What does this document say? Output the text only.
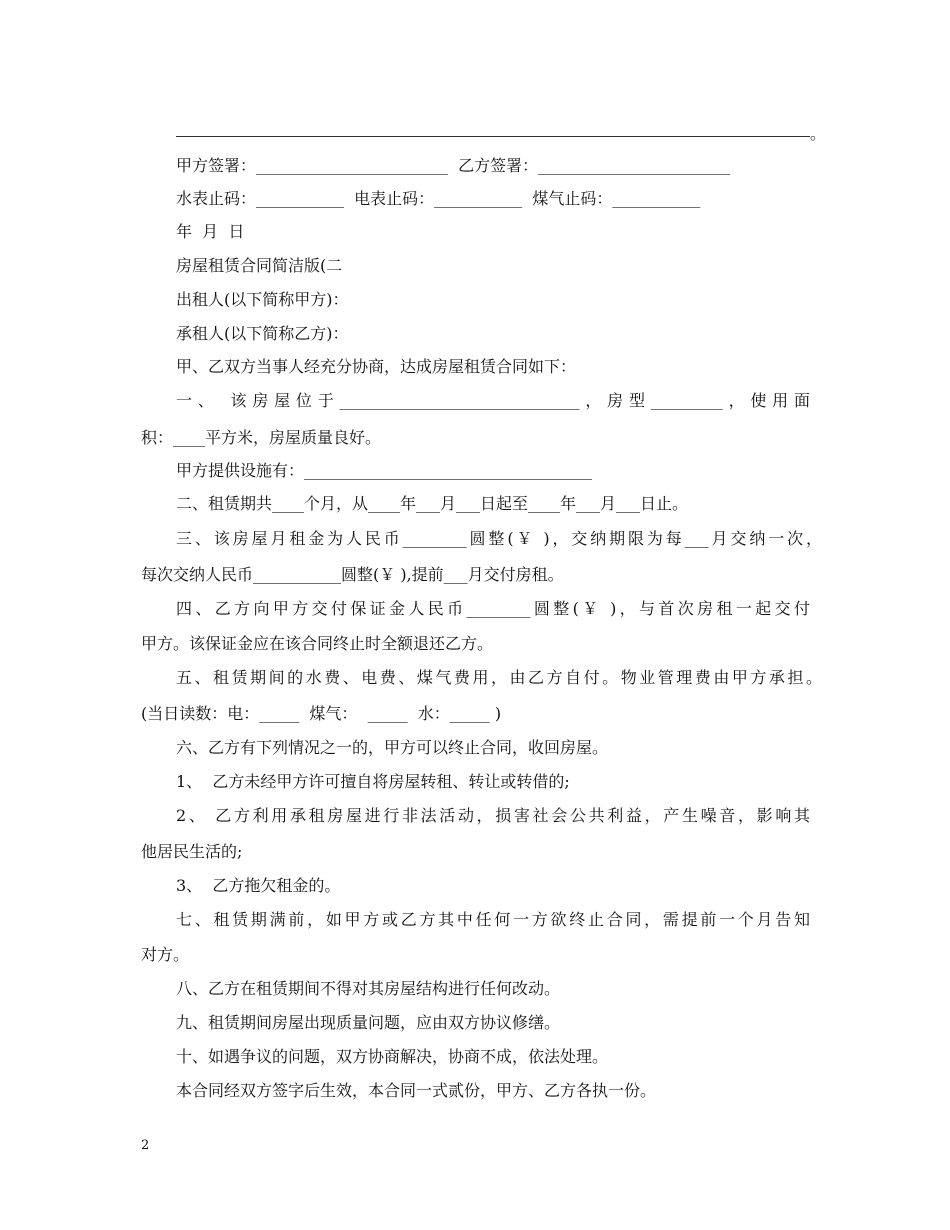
。
甲方签署：________________________  乙方签署：________________________
水表止码：___________  电表止码：___________  煤气止码：___________
年  月  日
房屋租赁合同简洁版(二
出租人(以下简称甲方)：
承租人(以下简称乙方)：
甲、乙双方当事人经充分协商，达成房屋租赁合同如下：
一、 该房屋位于______________________________，房型_________，使用面
积：____平方米，房屋质量良好。
甲方提供设施有：____________________________________
二、租赁期共____个月，从____年___月___日起至____年___月___日止。
三、该房屋月租金为人民币________圆整(￥ )，交纳期限为每___月交纳一次，
每次交纳人民币___________圆整(￥ ),提前___月交付房租。
四、乙方向甲方交付保证金人民币________圆整(￥ )，与首次房租一起交付
甲方。该保证金应在该合同终止时全额退还乙方。
五、租赁期间的水费、电费、煤气费用，由乙方自付。物业管理费由甲方承担。
(当日读数：电：_____  煤气：  _____  水：_____ )
六、乙方有下列情况之一的，甲方可以终止合同，收回房屋。
1、  乙方未经甲方许可擅自将房屋转租、转让或转借的;
2、 乙方利用承租房屋进行非法活动，损害社会公共利益，产生噪音，影响其
他居民生活的;
3、  乙方拖欠租金的。
七、租赁期满前，如甲方或乙方其中任何一方欲终止合同，需提前一个月告知
对方。
八、乙方在租赁期间不得对其房屋结构进行任何改动。
九、租赁期间房屋出现质量问题，应由双方协议修缮。
十、如遇争议的问题，双方协商解决，协商不成，依法处理。
本合同经双方签字后生效，本合同一式贰份，甲方、乙方各执一份。
2
